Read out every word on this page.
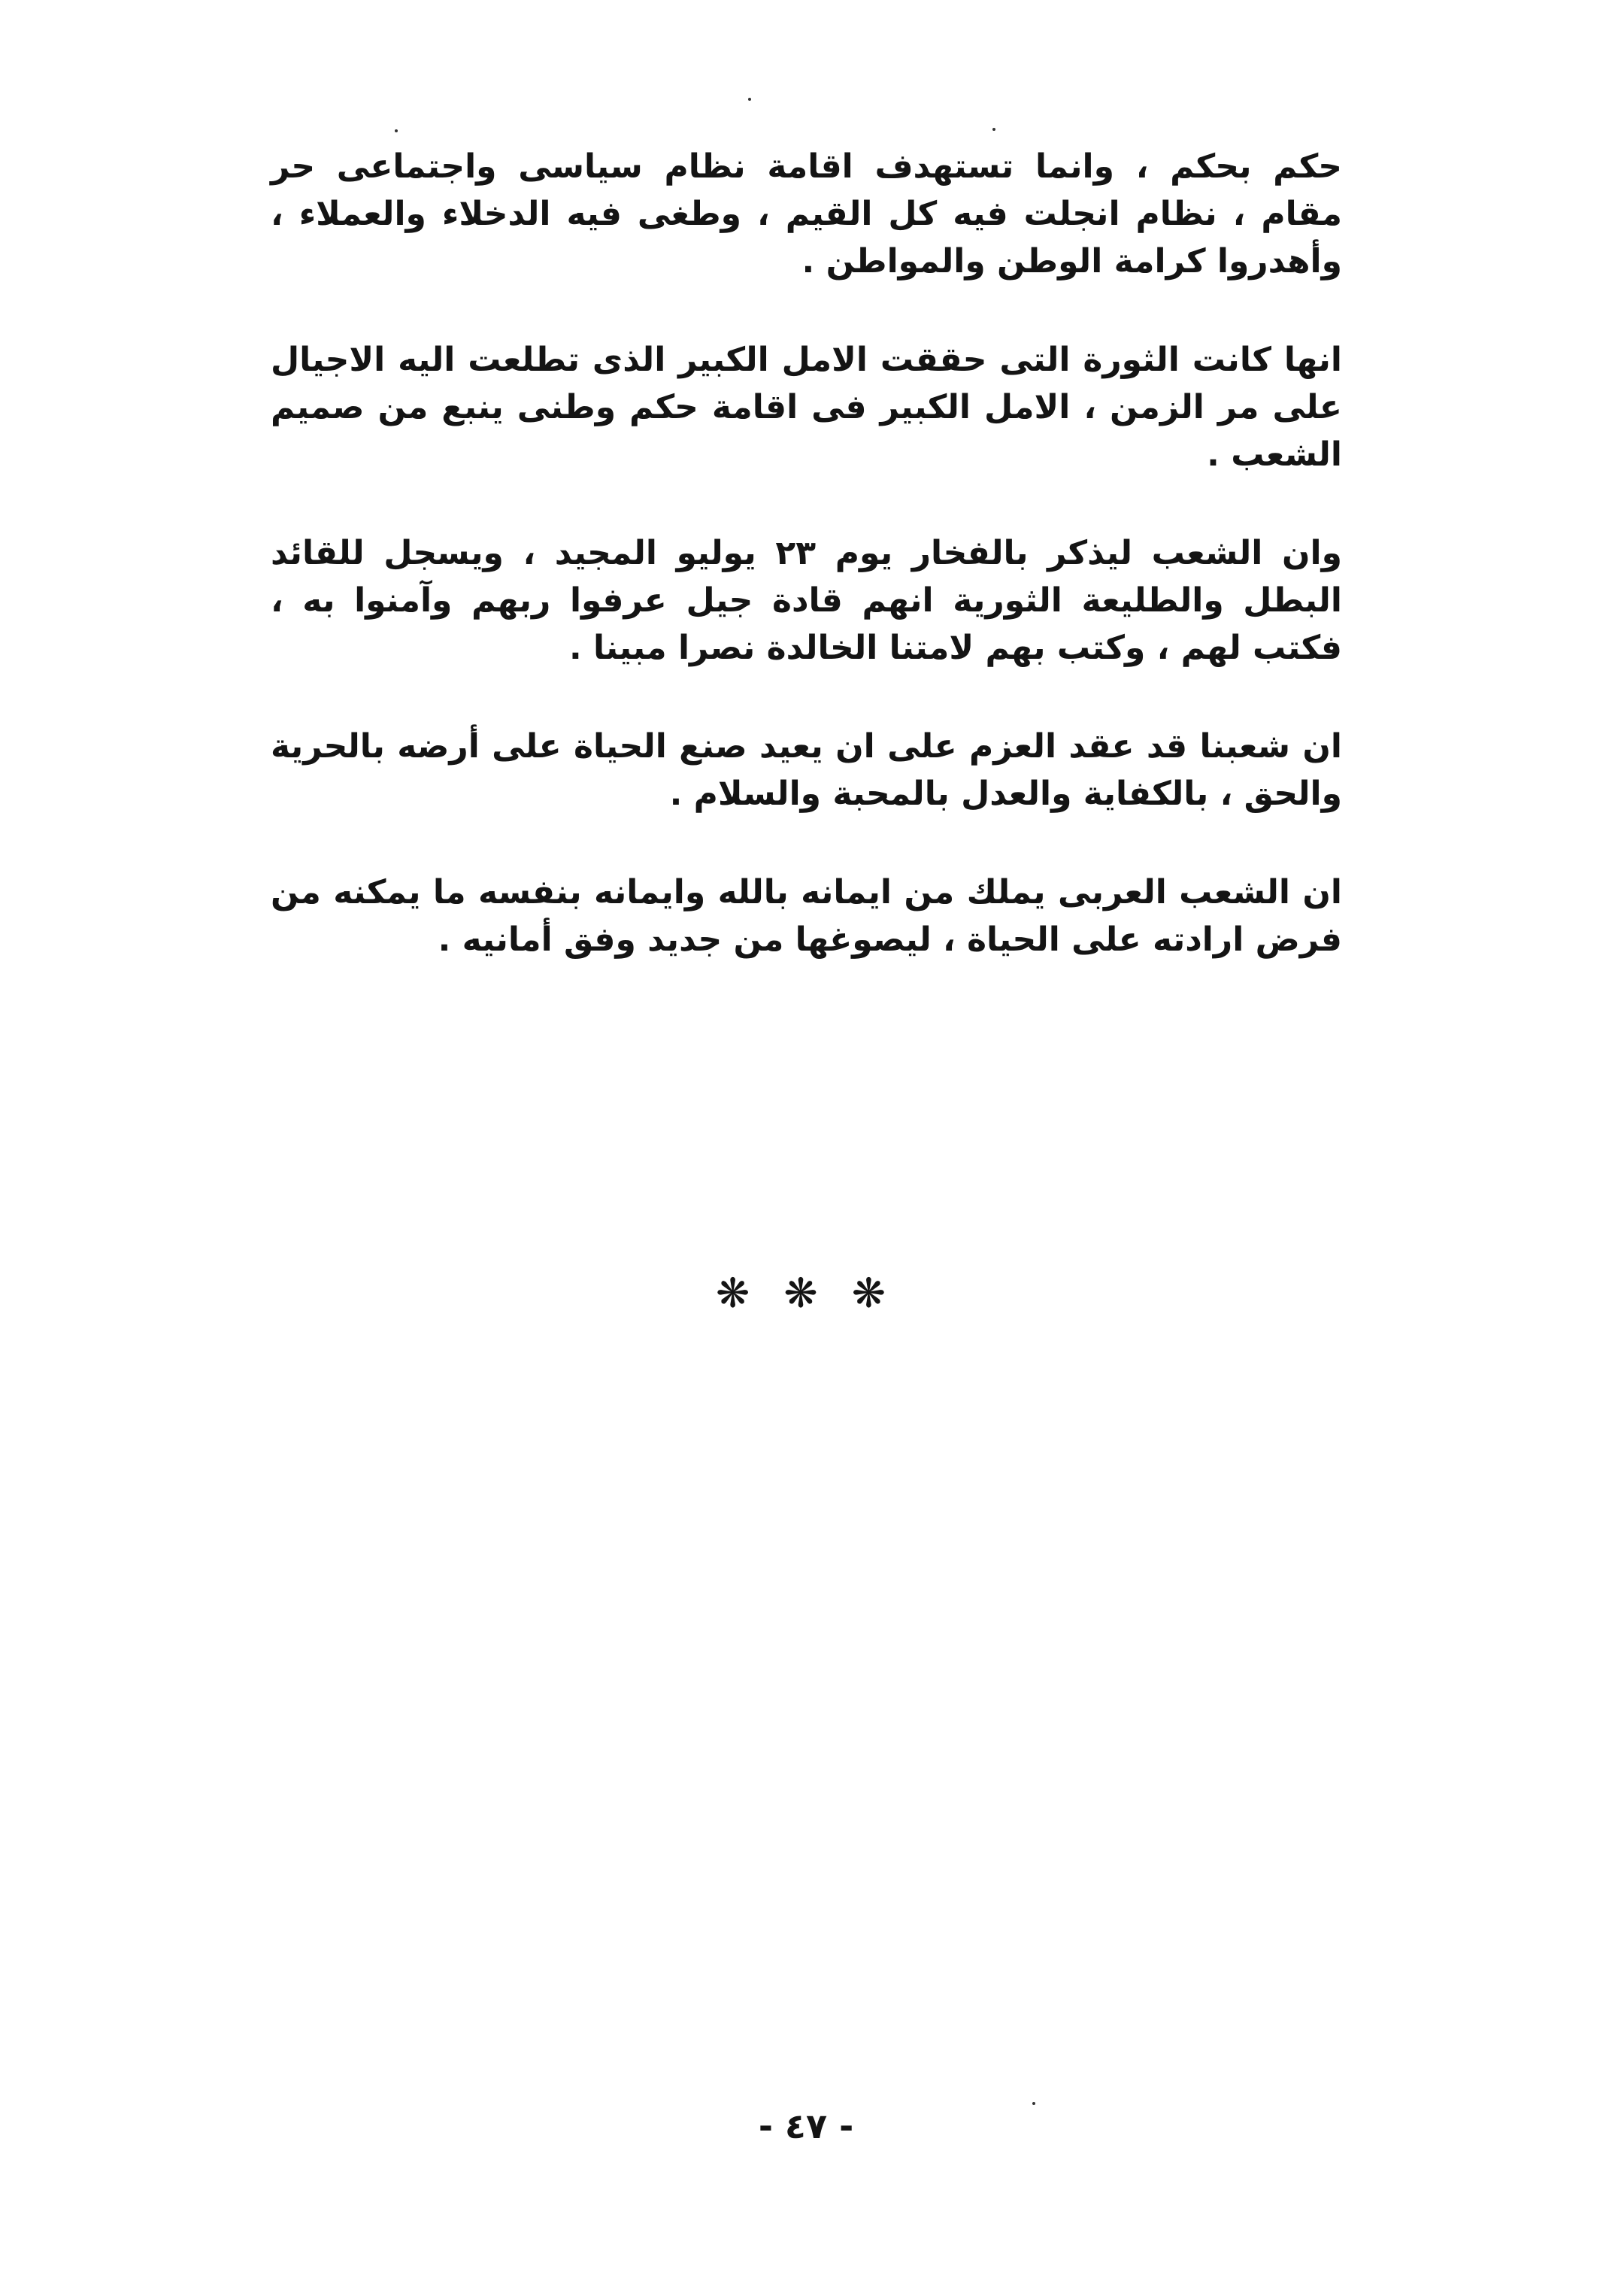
حكم بحكم ، وانما تستهدف اقامة نظام سياسى واجتماعى حر مقام ، نظام انجلت فيه كل القيم ، وطغى فيه الدخلاء والعملاء ، وأهدروا كرامة الوطن والمواطن .

انها كانت الثورة التى حققت الامل الكبير الذى تطلعت اليه الاجيال على مر الزمن ، الامل الكبير فى اقامة حكم وطنى ينبع من صميم الشعب .

وان الشعب ليذكر بالفخار يوم ٢٣ يوليو المجيد ، ويسجل للقائد البطل والطليعة الثورية انهم قادة جيل عرفوا ربهم وآمنوا به ، فكتب لهم ، وكتب بهم لامتنا الخالدة نصرا مبينا .

ان شعبنا قد عقد العزم على ان يعيد صنع الحياة على أرضه بالحرية والحق ، بالكفاية والعدل بالمحبة والسلام .

ان الشعب العربى يملك من ايمانه بالله وايمانه بنفسه ما يمكنه من فرض ارادته على الحياة ، ليصوغها من جديد وفق أمانيه .

❋ ❋ ❋
- ٤٧ -
